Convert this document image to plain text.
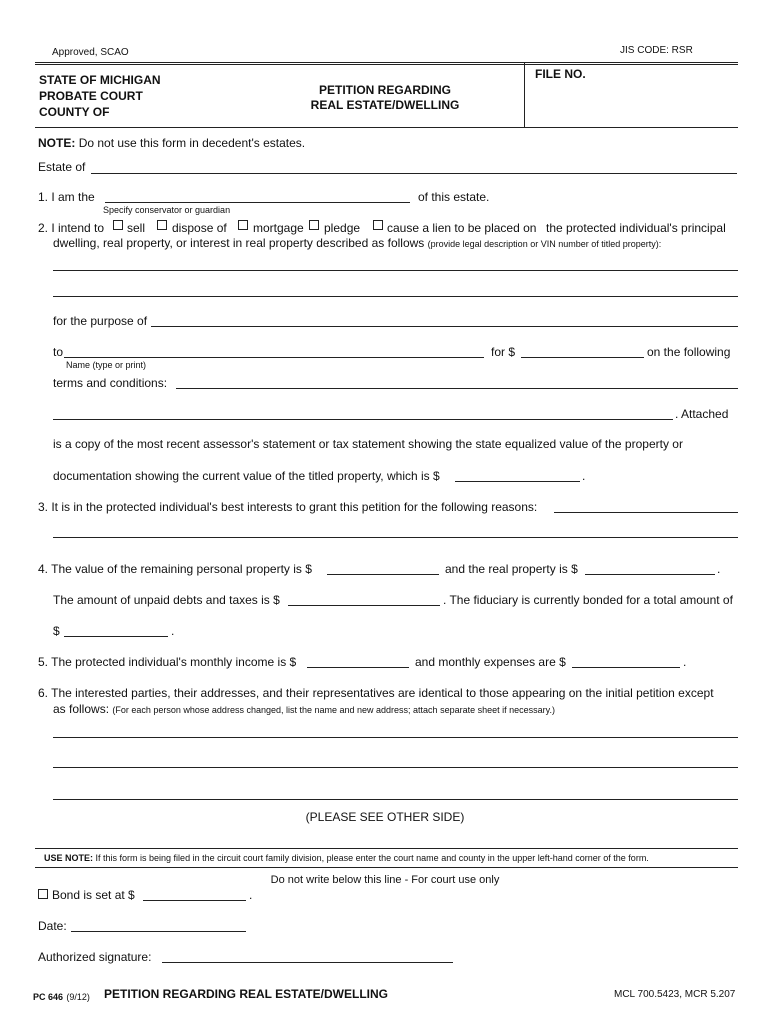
Approved, SCAO	JIS CODE: RSR
STATE OF MICHIGAN
PROBATE COURT
COUNTY OF
PETITION REGARDING
REAL ESTATE/DWELLING
FILE NO.
NOTE: Do not use this form in decedent's estates.
Estate of
1. I am the	of this estate.
Specify conservator or guardian
2. I intend to sell dispose of mortgage pledge cause a lien to be placed on the protected individual's principal
dwelling, real property, or interest in real property described as follows (provide legal description or VIN number of titled property):
for the purpose of
to	for $	on the following
Name (type or print)
terms and conditions:
. Attached
is a copy of the most recent assessor's statement or tax statement showing the state equalized value of the property or
documentation showing the current value of the titled property, which is $	.
3. It is in the protected individual's best interests to grant this petition for the following reasons:
4. The value of the remaining personal property is $	and the real property is $	.
The amount of unpaid debts and taxes is $	. The fiduciary is currently bonded for a total amount of
$	.
5. The protected individual's monthly income is $	and monthly expenses are $	.
6. The interested parties, their addresses, and their representatives are identical to those appearing on the initial petition except
as follows: (For each person whose address changed, list the name and new address; attach separate sheet if necessary.)
(PLEASE SEE OTHER SIDE)
USE NOTE: If this form is being filed in the circuit court family division, please enter the court name and county in the upper left-hand corner of the form.
Do not write below this line - For court use only
Bond is set at $	.
Date:
Authorized signature:
PC 646 (9/12) PETITION REGARDING REAL ESTATE/DWELLING	MCL 700.5423, MCR 5.207
